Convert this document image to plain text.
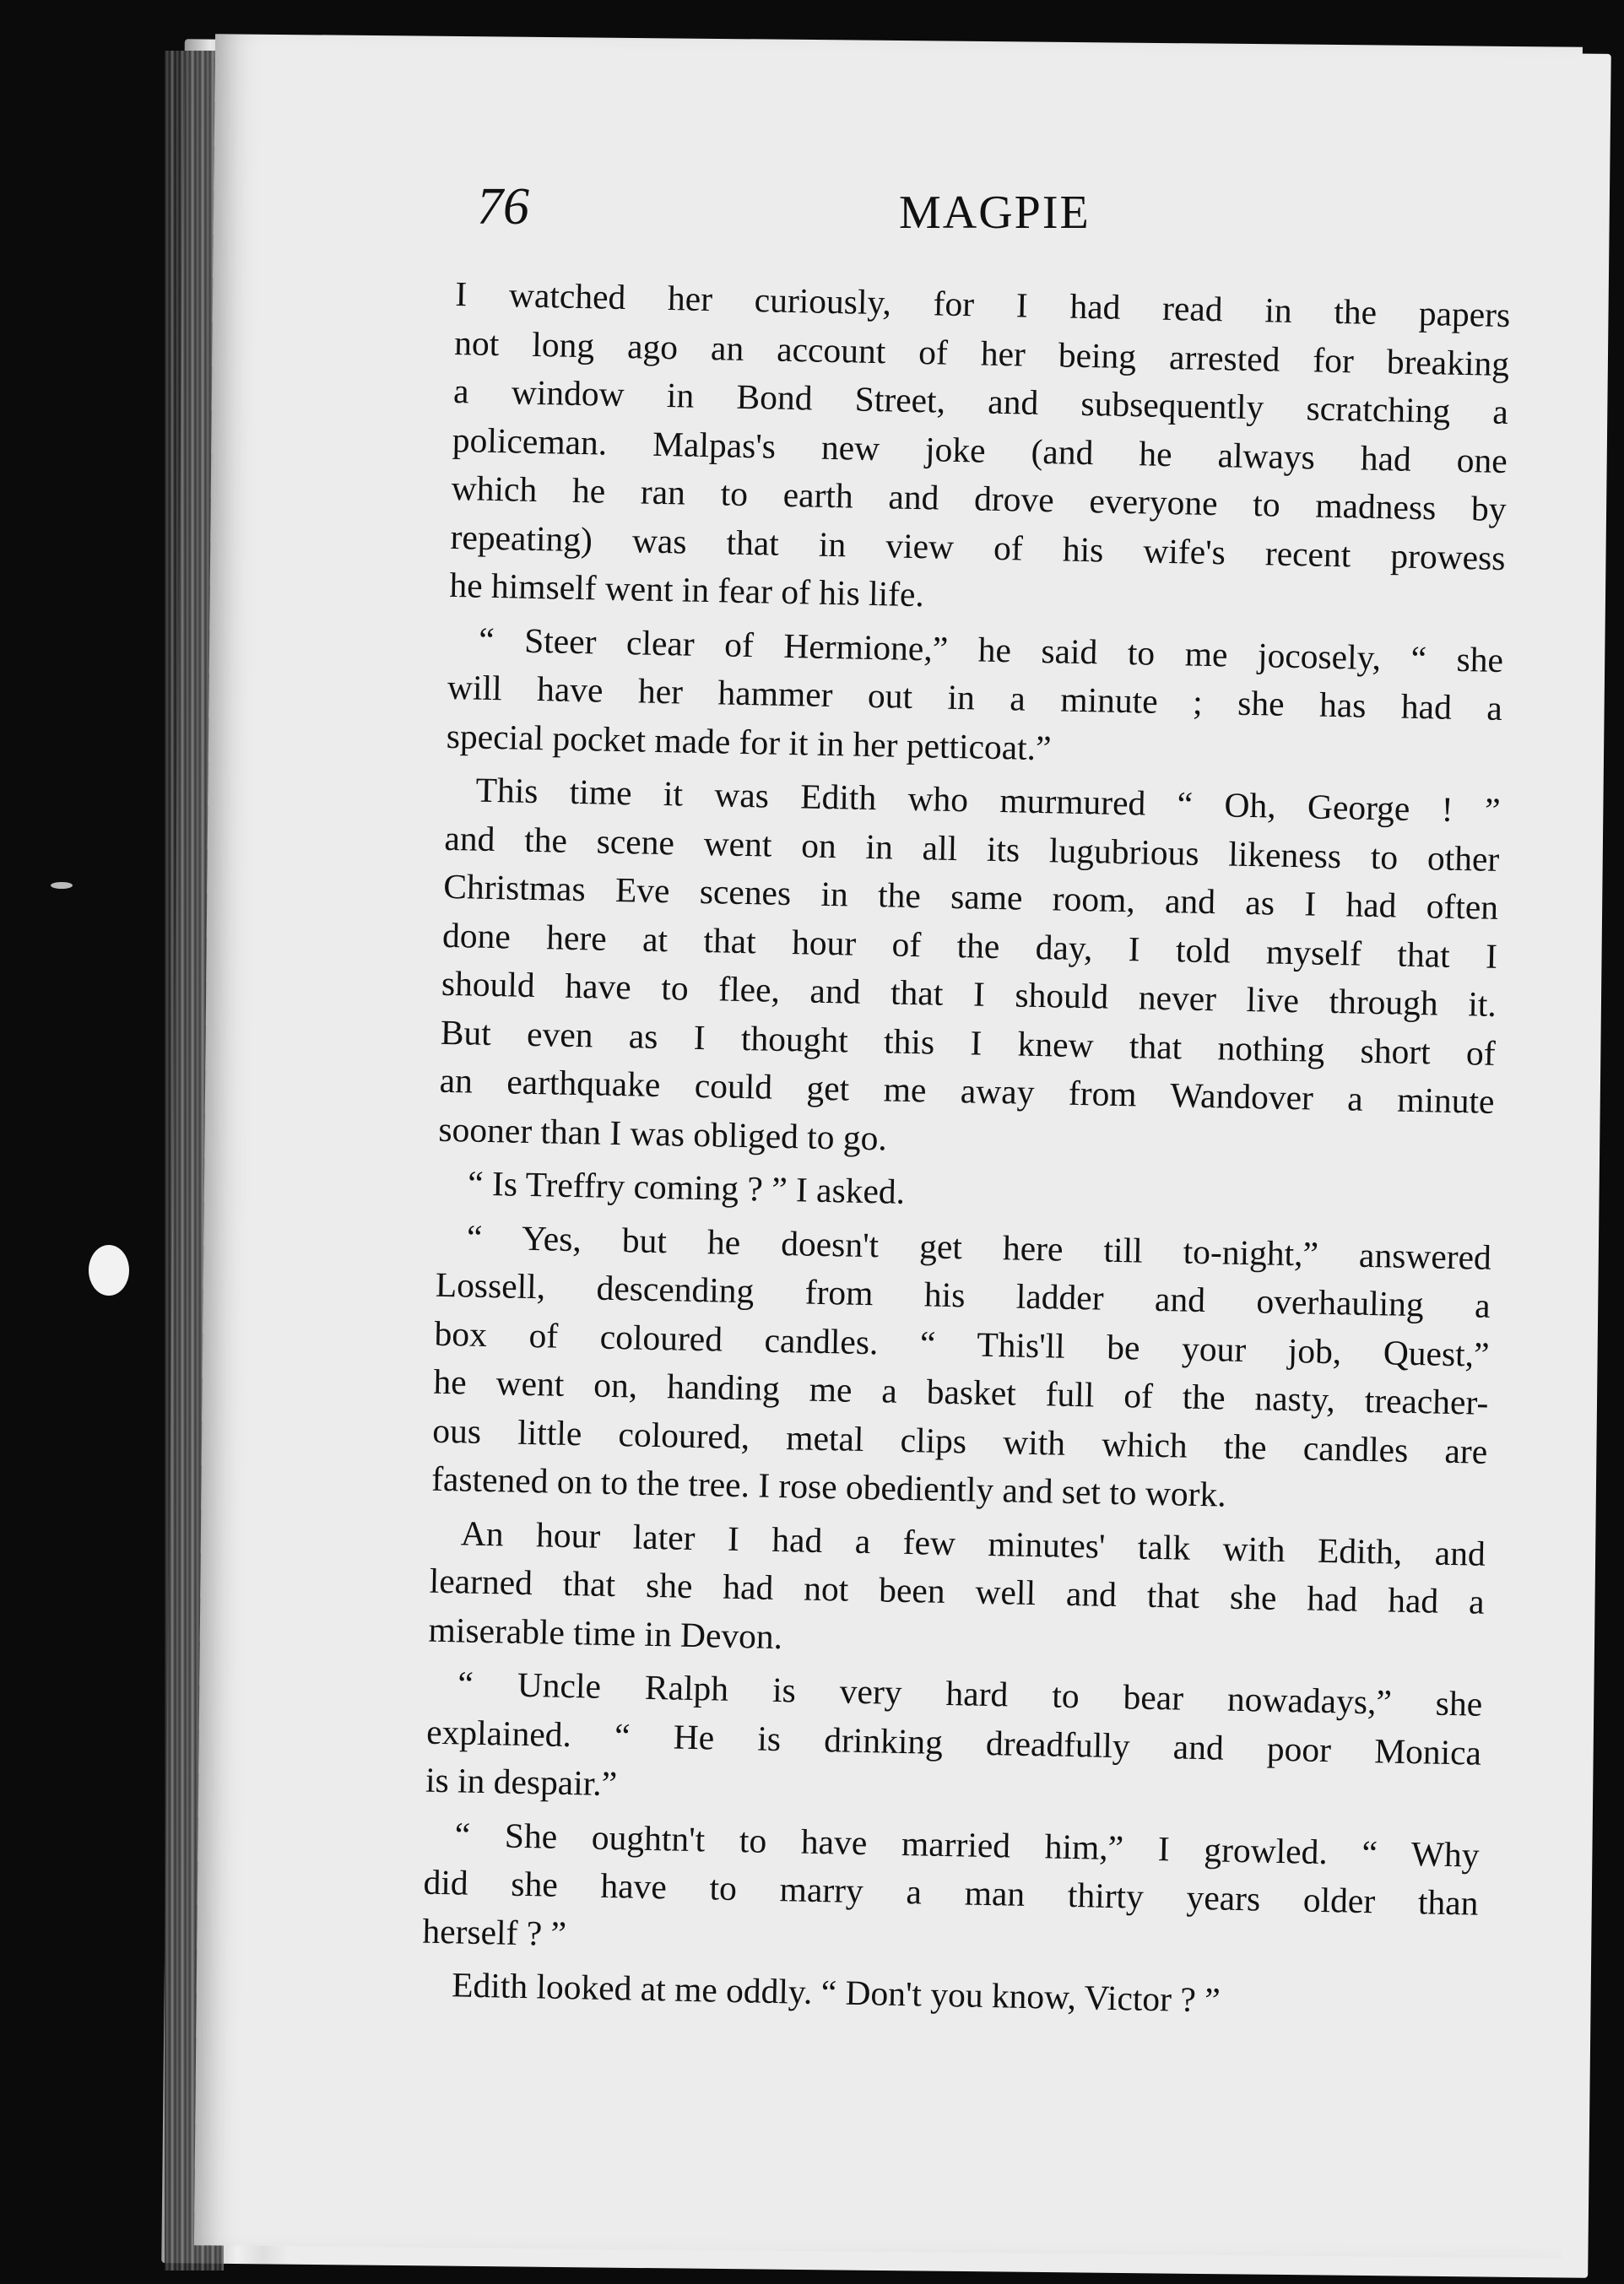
76	MAGPIE

I watched her curiously, for I had read in the papers
not long ago an account of her being arrested for breaking
a window in Bond Street, and subsequently scratching a
policeman. Malpas's new joke (and he always had one
which he ran to earth and drove everyone to madness by
repeating) was that in view of his wife's recent prowess
he himself went in fear of his life.

“ Steer clear of Hermione,” he said to me jocosely, “ she
will have her hammer out in a minute ; she has had a
special pocket made for it in her petticoat.”

This time it was Edith who murmured “ Oh, George ! ”
and the scene went on in all its lugubrious likeness to other
Christmas Eve scenes in the same room, and as I had often
done here at that hour of the day, I told myself that I
should have to flee, and that I should never live through it.
But even as I thought this I knew that nothing short of
an earthquake could get me away from Wandover a minute
sooner than I was obliged to go.

“ Is Treffry coming ? ” I asked.

“ Yes, but he doesn't get here till to-night,” answered
Lossell, descending from his ladder and overhauling a
box of coloured candles. “ This'll be your job, Quest,”
he went on, handing me a basket full of the nasty, treacher-
ous little coloured, metal clips with which the candles are
fastened on to the tree. I rose obediently and set to work.

An hour later I had a few minutes' talk with Edith, and
learned that she had not been well and that she had had a
miserable time in Devon.

“ Uncle Ralph is very hard to bear nowadays,” she
explained. “ He is drinking dreadfully and poor Monica
is in despair.”

“ She oughtn't to have married him,” I growled. “ Why
did she have to marry a man thirty years older than
herself ? ”

Edith looked at me oddly. “ Don't you know, Victor ? ”
